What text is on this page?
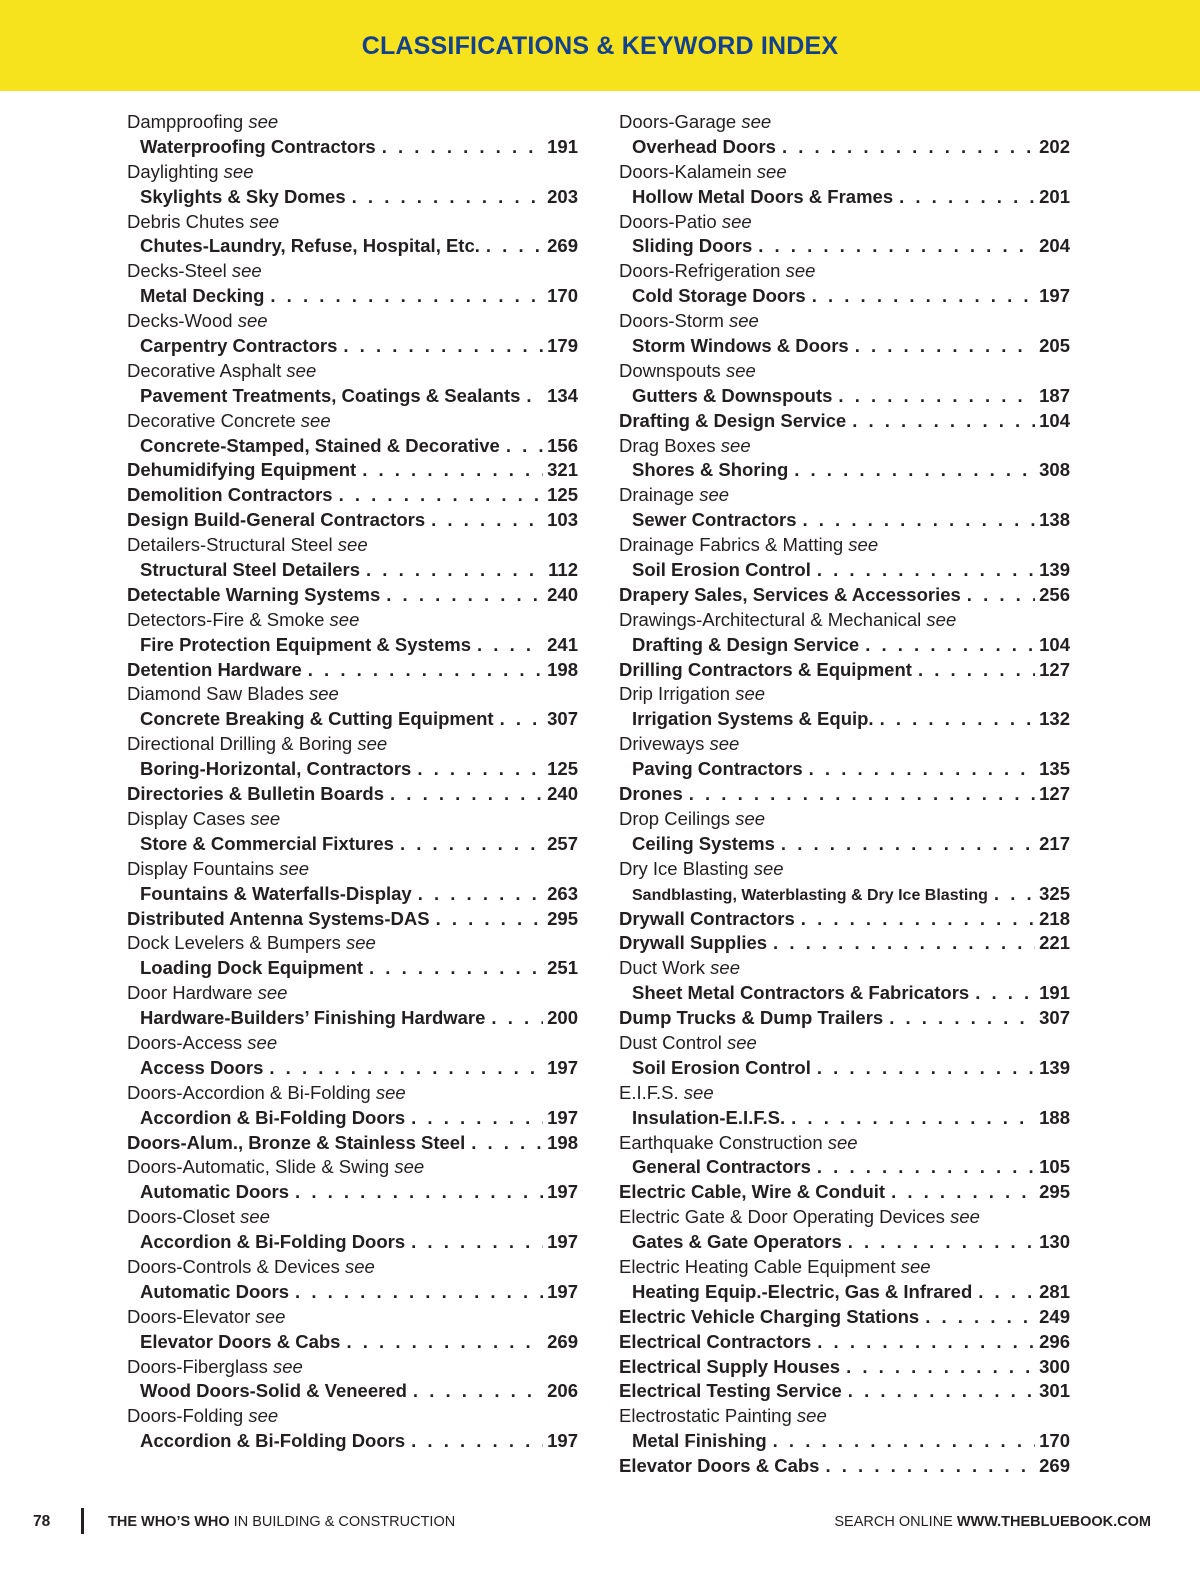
CLASSIFICATIONS & KEYWORD INDEX
Dampproofing see
Waterproofing Contractors . . .	191
Daylighting see
Skylights & Sky Domes . . .	203
Debris Chutes see
Chutes-Laundry, Refuse, Hospital, Etc. . . .	269
Decks-Steel see
Metal Decking . . .	170
Decks-Wood see
Carpentry Contractors . . .	179
Decorative Asphalt see
Pavement Treatments, Coatings & Sealants . . . 134
Decorative Concrete see
Concrete-Stamped, Stained & Decorative . . .	156
Dehumidifying Equipment . . .	321
Demolition Contractors . . .	125
Design Build-General Contractors . . .	103
Detailers-Structural Steel see
Structural Steel Detailers . . .	112
Detectable Warning Systems . . .	240
Detectors-Fire & Smoke see
Fire Protection Equipment & Systems . . .	241
Detention Hardware . . .	198
Diamond Saw Blades see
Concrete Breaking & Cutting Equipment . . .	307
Directional Drilling & Boring see
Boring-Horizontal, Contractors . . .	125
Directories & Bulletin Boards . . .	240
Display Cases see
Store & Commercial Fixtures . . .	257
Display Fountains see
Fountains & Waterfalls-Display . . .	263
Distributed Antenna Systems-DAS . . .	295
Dock Levelers & Bumpers see
Loading Dock Equipment . . .	251
Door Hardware see
Hardware-Builders’ Finishing Hardware . . .	200
Doors-Access see
Access Doors . . .	197
Doors-Accordion & Bi-Folding see
Accordion & Bi-Folding Doors . . .	197
Doors-Alum., Bronze & Stainless Steel . . .	198
Doors-Automatic, Slide & Swing see
Automatic Doors . . .	197
Doors-Closet see
Accordion & Bi-Folding Doors . . .	197
Doors-Controls & Devices see
Automatic Doors . . .	197
Doors-Elevator see
Elevator Doors & Cabs . . .	269
Doors-Fiberglass see
Wood Doors-Solid & Veneered . . .	206
Doors-Folding see
Accordion & Bi-Folding Doors . . .	197
Doors-Garage see
Overhead Doors . . .	202
Doors-Kalamein see
Hollow Metal Doors & Frames . . .	201
Doors-Patio see
Sliding Doors . . .	204
Doors-Refrigeration see
Cold Storage Doors . . .	197
Doors-Storm see
Storm Windows & Doors . . .	205
Downspouts see
Gutters & Downspouts . . .	187
Drafting & Design Service . . .	104
Drag Boxes see
Shores & Shoring . . .	308
Drainage see
Sewer Contractors . . .	138
Drainage Fabrics & Matting see
Soil Erosion Control . . .	139
Drapery Sales, Services & Accessories . . .	256
Drawings-Architectural & Mechanical see
Drafting & Design Service . . .	104
Drilling Contractors & Equipment . . .	127
Drip Irrigation see
Irrigation Systems & Equip. . . .	132
Driveways see
Paving Contractors . . .	135
Drones . . .	127
Drop Ceilings see
Ceiling Systems . . .	217
Dry Ice Blasting see
Sandblasting, Waterblasting & Dry Ice Blasting . . .	325
Drywall Contractors . . .	218
Drywall Supplies . . .	221
Duct Work see
Sheet Metal Contractors & Fabricators . . .	191
Dump Trucks & Dump Trailers . . .	307
Dust Control see
Soil Erosion Control . . .	139
E.I.F.S. see
Insulation-E.I.F.S. . . .	188
Earthquake Construction see
General Contractors . . .	105
Electric Cable, Wire & Conduit . . .	295
Electric Gate & Door Operating Devices see
Gates & Gate Operators . . .	130
Electric Heating Cable Equipment see
Heating Equip.-Electric, Gas & Infrared . . .	281
Electric Vehicle Charging Stations . . .	249
Electrical Contractors . . .	296
Electrical Supply Houses . . .	300
Electrical Testing Service . . .	301
Electrostatic Painting see
Metal Finishing . . .	170
Elevator Doors & Cabs . . .	269
78	THE WHO’S WHO IN BUILDING & CONSTRUCTION	SEARCH ONLINE WWW.THEBLUEBOOK.COM
